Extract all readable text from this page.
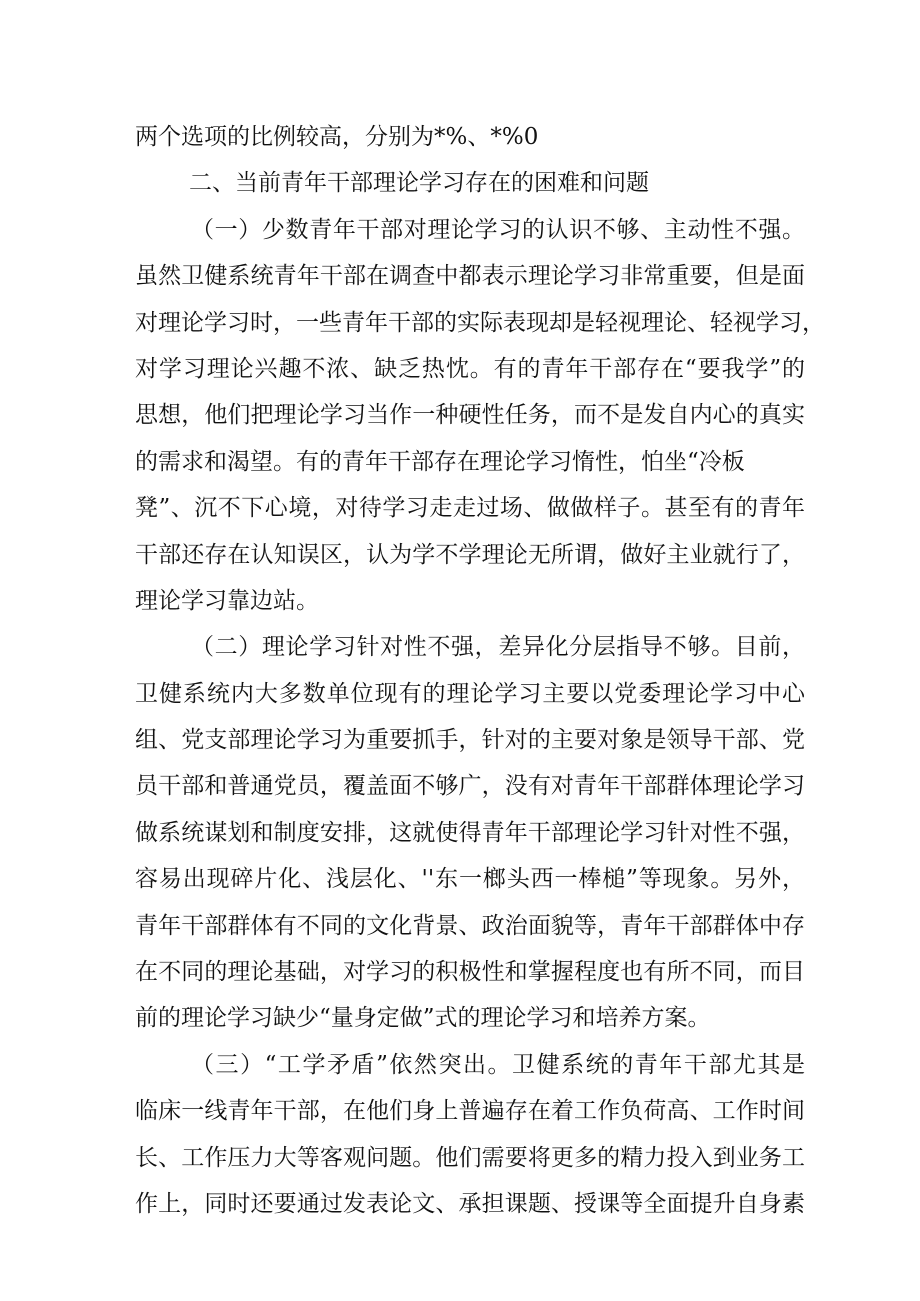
两个选项的比例较高，分别为*%、*%0
二、当前青年干部理论学习存在的困难和问题
（一）少数青年干部对理论学习的认识不够、主动性不强。
虽然卫健系统青年干部在调查中都表示理论学习非常重要，但是面
对理论学习时，一些青年干部的实际表现却是轻视理论、轻视学习，
对学习理论兴趣不浓、缺乏热忱。有的青年干部存在“要我学”的
思想，他们把理论学习当作一种硬性任务，而不是发自内心的真实
的需求和渴望。有的青年干部存在理论学习惰性，怕坐“冷板
凳”、沉不下心境，对待学习走走过场、做做样子。甚至有的青年
干部还存在认知误区，认为学不学理论无所谓，做好主业就行了，
理论学习靠边站。
（二）理论学习针对性不强，差异化分层指导不够。目前，
卫健系统内大多数单位现有的理论学习主要以党委理论学习中心
组、党支部理论学习为重要抓手，针对的主要对象是领导干部、党
员干部和普通党员，覆盖面不够广，没有对青年干部群体理论学习
做系统谋划和制度安排，这就使得青年干部理论学习针对性不强，
容易出现碎片化、浅层化、''东一榔头西一棒槌”等现象。另外，
青年干部群体有不同的文化背景、政治面貌等，青年干部群体中存
在不同的理论基础，对学习的积极性和掌握程度也有所不同，而目
前的理论学习缺少“量身定做”式的理论学习和培养方案。
（三）“工学矛盾”依然突出。卫健系统的青年干部尤其是
临床一线青年干部，在他们身上普遍存在着工作负荷高、工作时间
长、工作压力大等客观问题。他们需要将更多的精力投入到业务工
作上，同时还要通过发表论文、承担课题、授课等全面提升自身素
